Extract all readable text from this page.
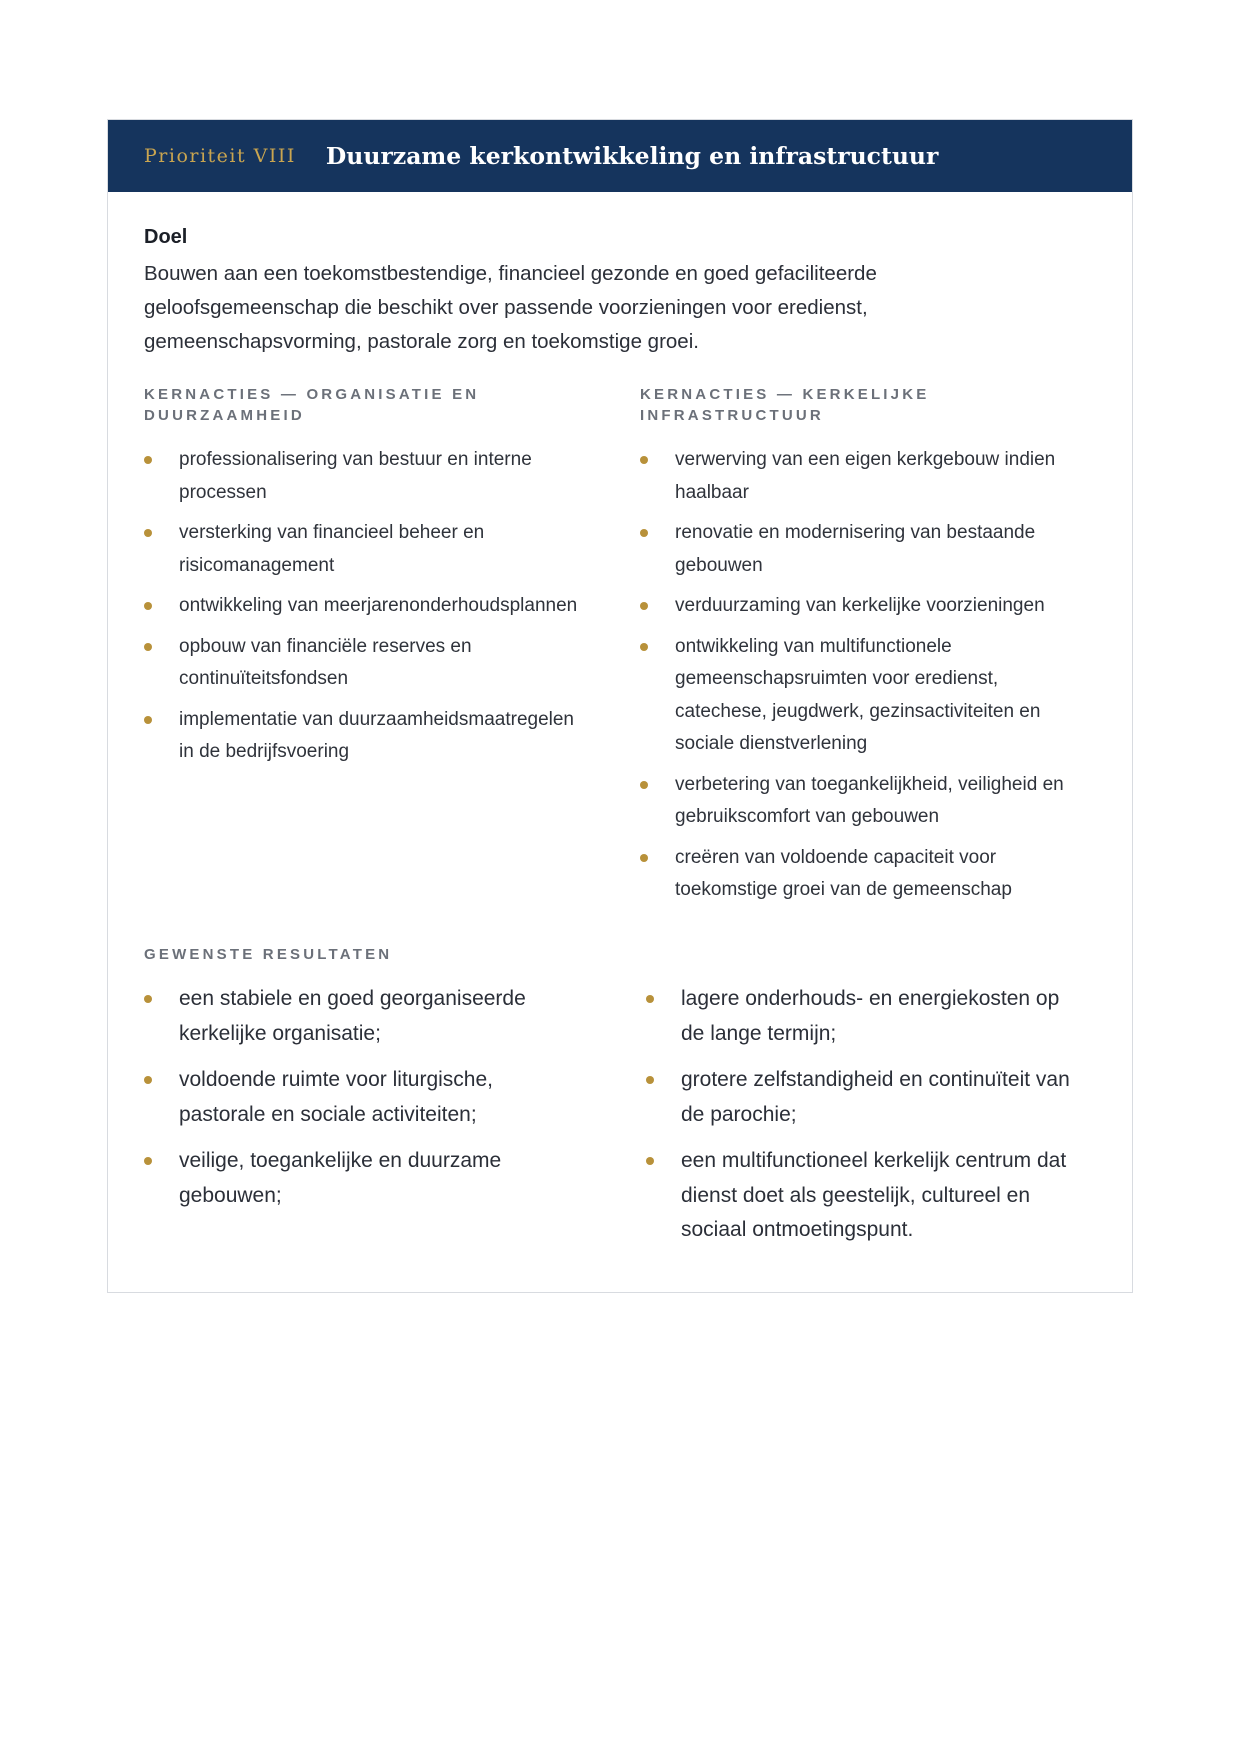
Prioriteit VIII Duurzame kerkontwikkeling en infrastructuur
Doel

Bouwen aan een toekomstbestendige, financieel gezonde en goed gefaciliteerde geloofsgemeenschap die beschikt over passende voorzieningen voor eredienst, gemeenschapsvorming, pastorale zorg en toekomstige groei.

KERNACTIES — ORGANISATIE EN DUURZAAMHEID

professionalisering van bestuur en interne processen
versterking van financieel beheer en risicomanagement
ontwikkeling van meerjarenonderhoudsplannen
opbouw van financiële reserves en continuïteitsfondsen
implementatie van duurzaamheidsmaatregelen in de bedrijfsvoering

KERNACTIES — KERKELIJKE INFRASTRUCTUUR

verwerving van een eigen kerkgebouw indien haalbaar
renovatie en modernisering van bestaande gebouwen
verduurzaming van kerkelijke voorzieningen
ontwikkeling van multifunctionele gemeenschapsruimten voor eredienst, catechese, jeugdwerk, gezinsactiviteiten en sociale dienstverlening
verbetering van toegankelijkheid, veiligheid en gebruikscomfort van gebouwen
creëren van voldoende capaciteit voor toekomstige groei van de gemeenschap

GEWENSTE RESULTATEN

een stabiele en goed georganiseerde kerkelijke organisatie;
voldoende ruimte voor liturgische, pastorale en sociale activiteiten;
veilige, toegankelijke en duurzame gebouwen;
lagere onderhouds- en energiekosten op de lange termijn;
grotere zelfstandigheid en continuïteit van de parochie;
een multifunctioneel kerkelijk centrum dat dienst doet als geestelijk, cultureel en sociaal ontmoetingspunt.
